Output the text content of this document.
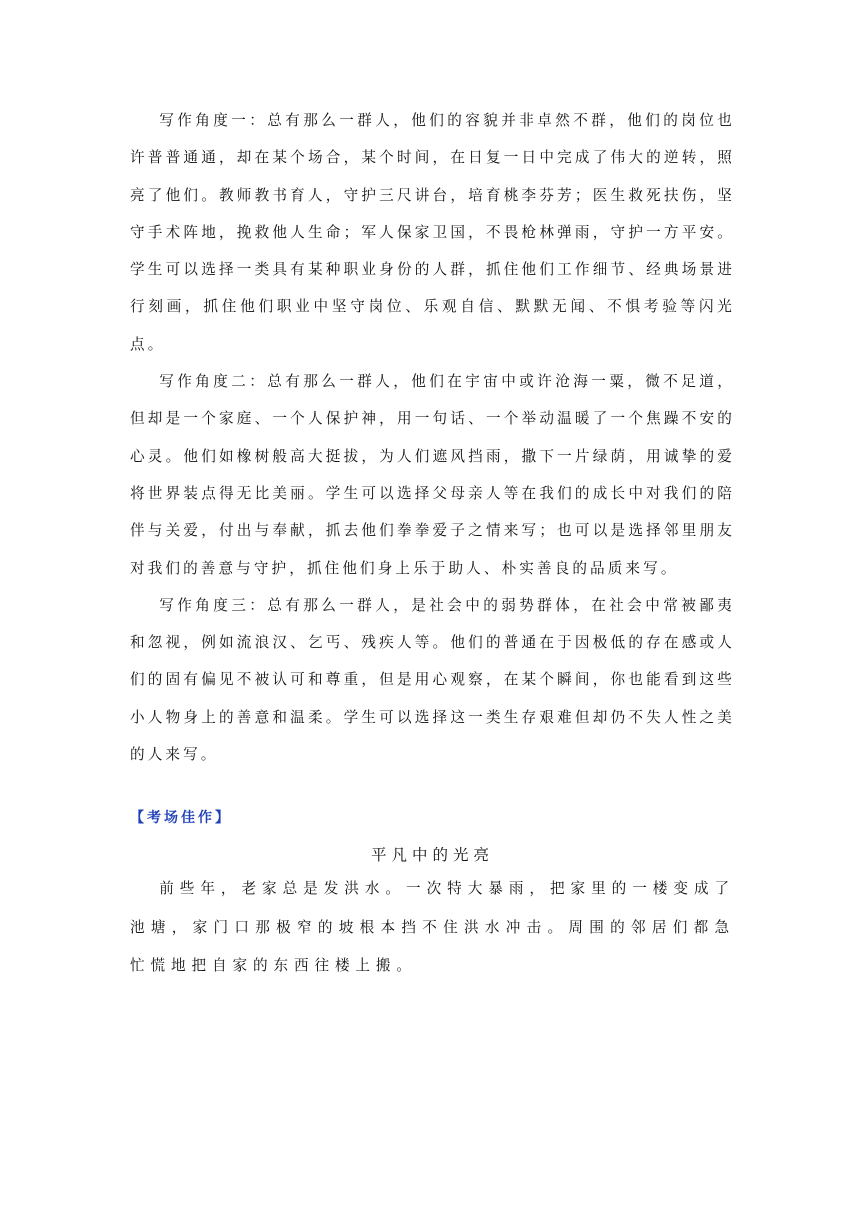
写作角度一：总有那么一群人，他们的容貌并非卓然不群，他们的岗位也许普普通通，却在某个场合，某个时间，在日复一日中完成了伟大的逆转，照亮了他们。教师教书育人，守护三尺讲台，培育桃李芬芳；医生救死扶伤，坚守手术阵地，挽救他人生命；军人保家卫国，不畏枪林弹雨，守护一方平安。学生可以选择一类具有某种职业身份的人群，抓住他们工作细节、经典场景进行刻画，抓住他们职业中坚守岗位、乐观自信、默默无闻、不惧考验等闪光点。

写作角度二：总有那么一群人，他们在宇宙中或许沧海一粟，微不足道，但却是一个家庭、一个人保护神，用一句话、一个举动温暖了一个焦躁不安的心灵。他们如橡树般高大挺拔，为人们遮风挡雨，撒下一片绿荫，用诚挚的爱将世界装点得无比美丽。学生可以选择父母亲人等在我们的成长中对我们的陪伴与关爱，付出与奉献，抓去他们拳拳爱子之情来写；也可以是选择邻里朋友对我们的善意与守护，抓住他们身上乐于助人、朴实善良的品质来写。

写作角度三：总有那么一群人，是社会中的弱势群体，在社会中常被鄙夷和忽视，例如流浪汉、乞丐、残疾人等。他们的普通在于因极低的存在感或人们的固有偏见不被认可和尊重，但是用心观察，在某个瞬间，你也能看到这些小人物身上的善意和温柔。学生可以选择这一类生存艰难但却仍不失人性之美的人来写。

【考场佳作】

平凡中的光亮

前些年，老家总是发洪水。一次特大暴雨，把家里的一楼变成了池塘，家门口那极窄的坡根本挡不住洪水冲击。周围的邻居们都急忙慌地把自家的东西往楼上搬。
